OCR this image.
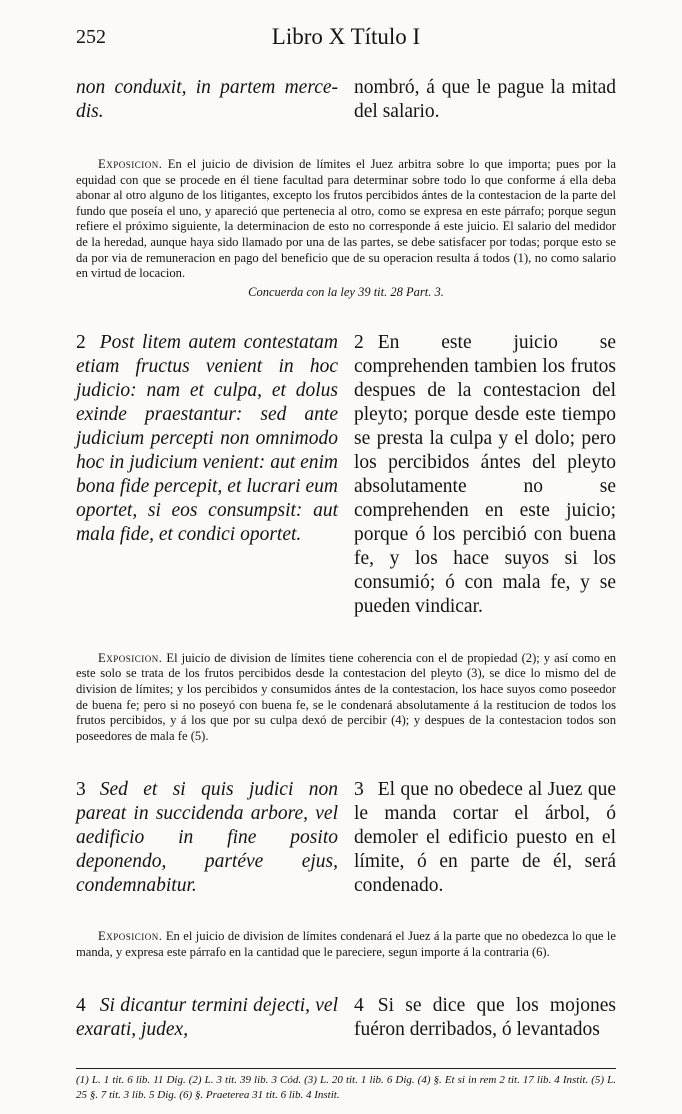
252	Libro X Título I

non conduxit, in partem merce- dis.

nombró, á que le pague la mitad del salario.

Exposicion. En el juicio de division de límites el Juez arbitra sobre lo que importa; pues por la equidad con que se procede en él tiene facultad para determinar sobre todo lo que conforme á ella deba abonar al otro alguno de los litigantes, excepto los frutos percibidos ántes de la contestacion de la parte del fundo que poseía el uno, y apareció que pertenecia al otro, como se expresa en este párrafo; porque segun refiere el próximo siguiente, la determinacion de esto no corresponde á este juicio. El salario del medidor de la heredad, aunque haya sido llamado por una de las partes, se debe satisfacer por todas; porque esto se da por via de remuneracion en pago del beneficio que de su operacion resulta á todos (1), no como salario en virtud de locacion.

Concuerda con la ley 39 tit. 28 Part. 3.

2 Post litem autem contestatam etiam fructus venient in hoc judicio: nam et culpa, et dolus exinde praestantur: sed ante judicium percepti non omnimodo hoc in judicium venient: aut enim bona fide percepit, et lucrari eum oportet, si eos consumpsit: aut mala fide, et condici oportet.

2 En este juicio se comprehenden tambien los frutos despues de la contestacion del pleyto; porque desde este tiempo se presta la culpa y el dolo; pero los percibidos ántes del pleyto absolutamente no se comprehenden en este juicio; porque ó los percibió con buena fe, y los hace suyos si los consumió; ó con mala fe, y se pueden vindicar.

Exposicion. El juicio de division de límites tiene coherencia con el de propiedad (2); y así como en este solo se trata de los frutos percibidos desde la contestacion del pleyto (3), se dice lo mismo del de division de límites; y los percibidos y consumidos ántes de la contestacion, los hace suyos como poseedor de buena fe; pero si no poseyó con buena fe, se le condenará absolutamente á la restitucion de todos los frutos percibidos, y á los que por su culpa dexó de percibir (4); y despues de la contestacion todos son poseedores de mala fe (5).

3 Sed et si quis judici non pareat in succidenda arbore, vel aedificio in fine posito deponendo, partéve ejus, condemnabitur.

3 El que no obedece al Juez que le manda cortar el árbol, ó demoler el edificio puesto en el límite, ó en parte de él, será condenado.

Exposicion. En el juicio de division de límites condenará el Juez á la parte que no obedezca lo que le manda, y expresa este párrafo en la cantidad que le pareciere, segun importe á la contraria (6).

4 Si dicantur termini dejecti, vel exarati, judex,

4 Si se dice que los mojones fuéron derribados, ó levantados

(1) L. 1 tit. 6 lib. 11 Dig. (2) L. 3 tit. 39 lib. 3 Cód. (3) L. 20 tit. 1 lib. 6 Dig. (4) §. Et si in rem 2 tit. 17 lib. 4 Instit. (5) L. 25 §. 7 tit. 3 lib. 5 Dig. (6) §. Praeterea 31 tit. 6 lib. 4 Instit.
